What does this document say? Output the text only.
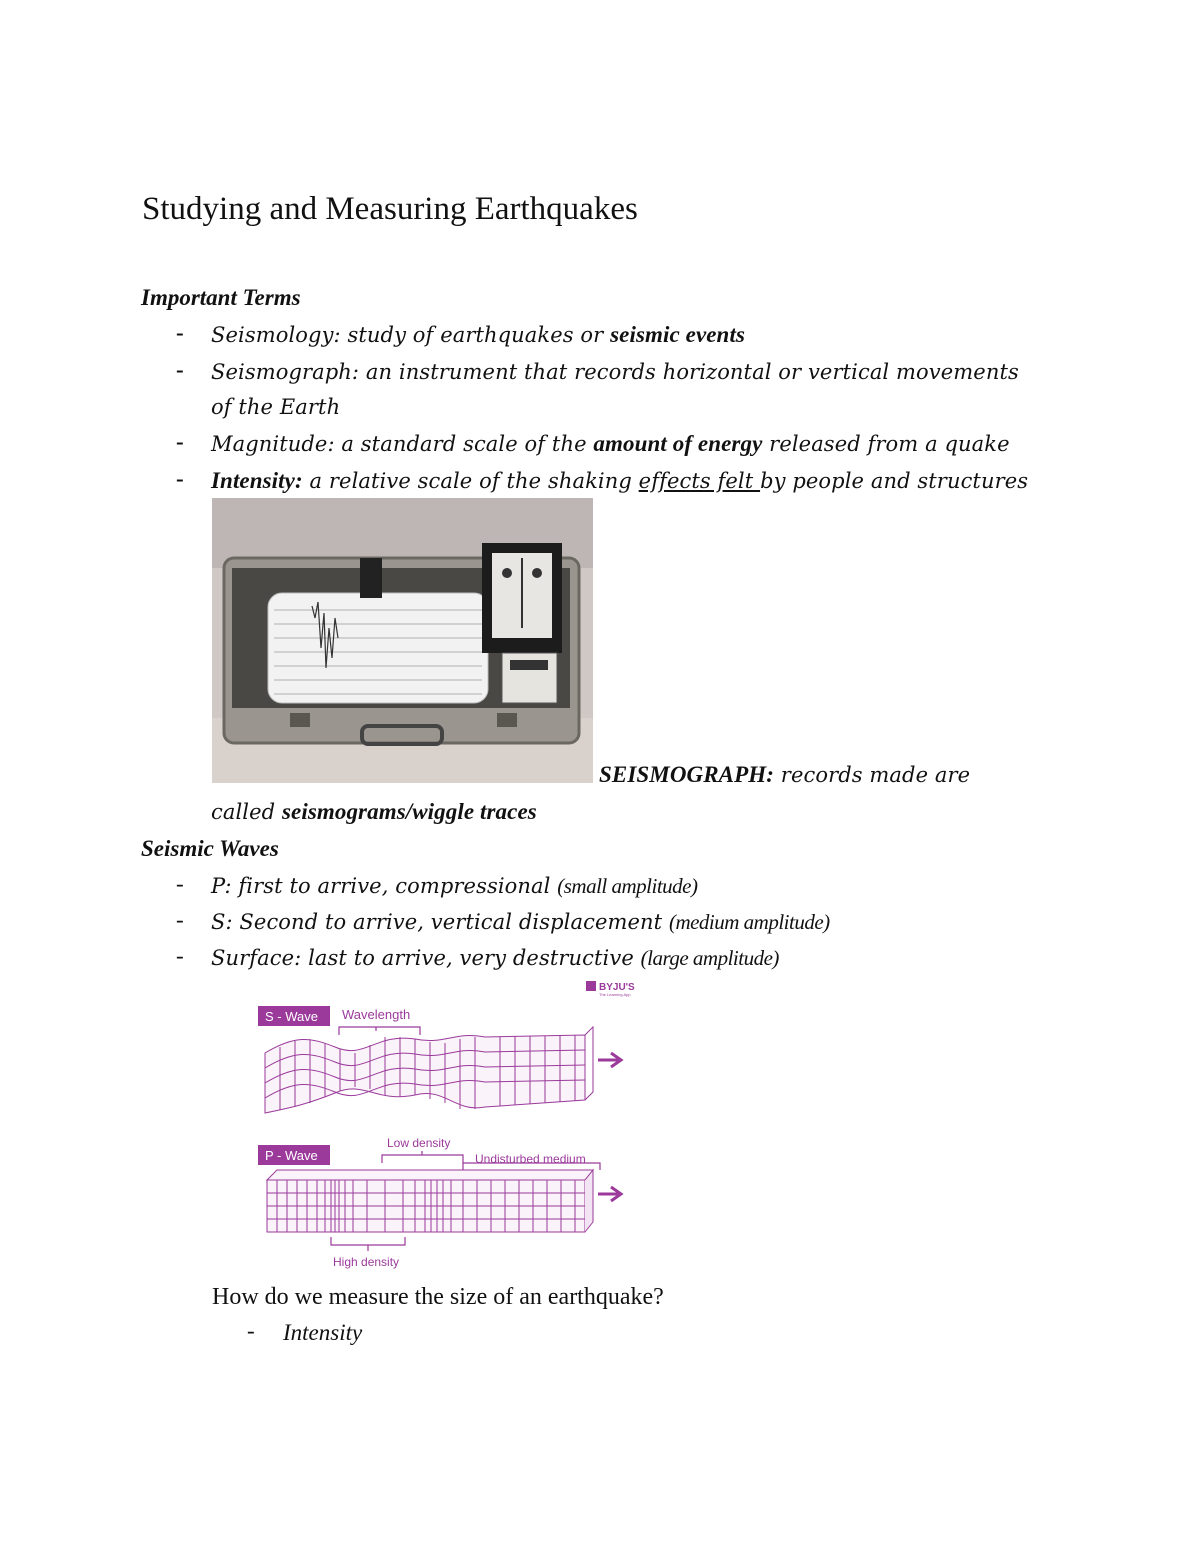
Studying and Measuring Earthquakes
Important Terms
- Seismology: study of earthquakes or seismic events
- Seismograph: an instrument that records horizontal or vertical movements
of the Earth
- Magnitude: a standard scale of the amount of energy released from a quake
- Intensity: a relative scale of the shaking effects felt by people and structures
SEISMOGRAPH: records made are
called seismograms/wiggle traces
Seismic Waves
- P: first to arrive, compressional (small amplitude)
- S: Second to arrive, vertical displacement (medium amplitude)
- Surface: last to arrive, very destructive (large amplitude)
BYJU'S
The Learning App
S - Wave Wavelength
P - Wave
Low density
Undisturbed medium
High density
How do we measure the size of an earthquake?
- Intensity
